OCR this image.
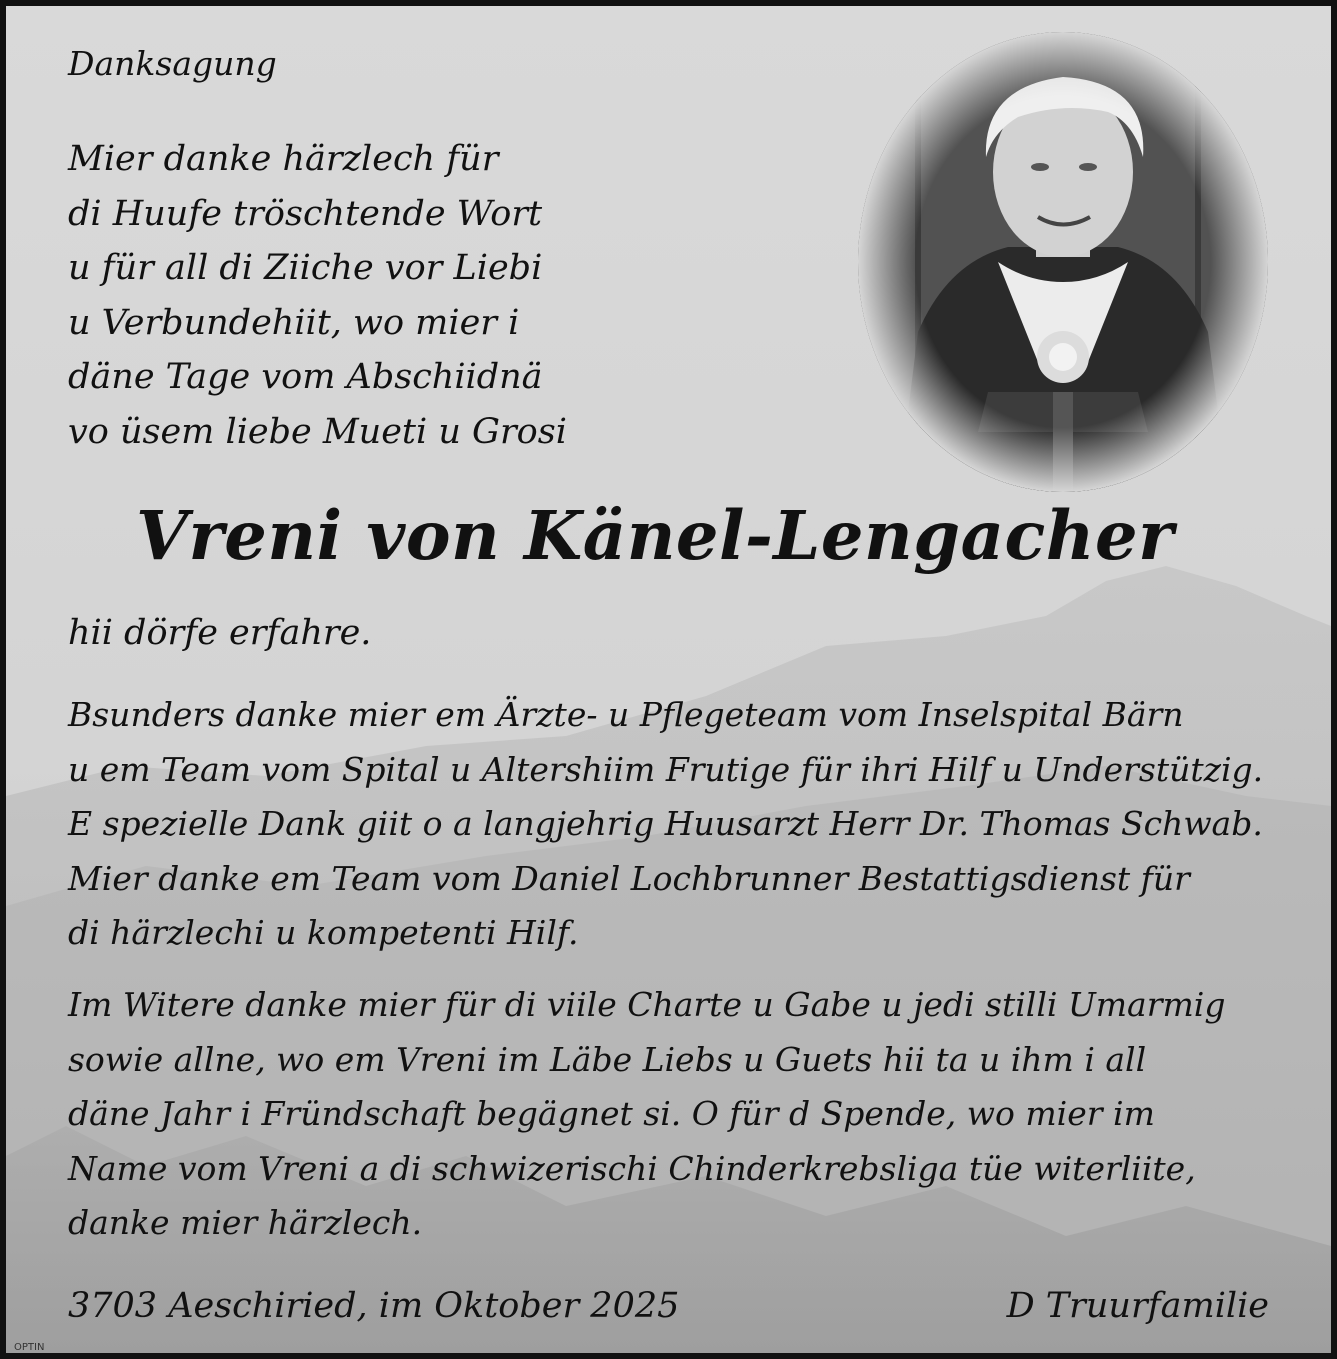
Danksagung
Mier danke härzlech für
di Huufe tröschtende Wort
u für all di Ziiche vor Liebi
u Verbundehiit, wo mier i
däne Tage vom Abschiidnä
vo üsem liebe Mueti u Grosi
Vreni von Känel-Lengacher
hii dörfe erfahre.
Bsunders danke mier em Ärzte- u Pflegeteam vom Inselspital Bärn
u em Team vom Spital u Altershiim Frutige für ihri Hilf u Understützig.
E spezielle Dank giit o a langjehrig Huusarzt Herr Dr. Thomas Schwab.
Mier danke em Team vom Daniel Lochbrunner Bestattigsdienst für
di härzlechi u kompetenti Hilf.
Im Witere danke mier für di viile Charte u Gabe u jedi stilli Umarmig
sowie allne, wo em Vreni im Läbe Liebs u Guets hii ta u ihm i all
däne Jahr i Fründschaft begägnet si. O für d Spende, wo mier im
Name vom Vreni a di schwizerischi Chinderkrebsliga tüe witerliite,
danke mier härzlech.
3703 Aeschiried, im Oktober 2025	D Truurfamilie
OPTIN
